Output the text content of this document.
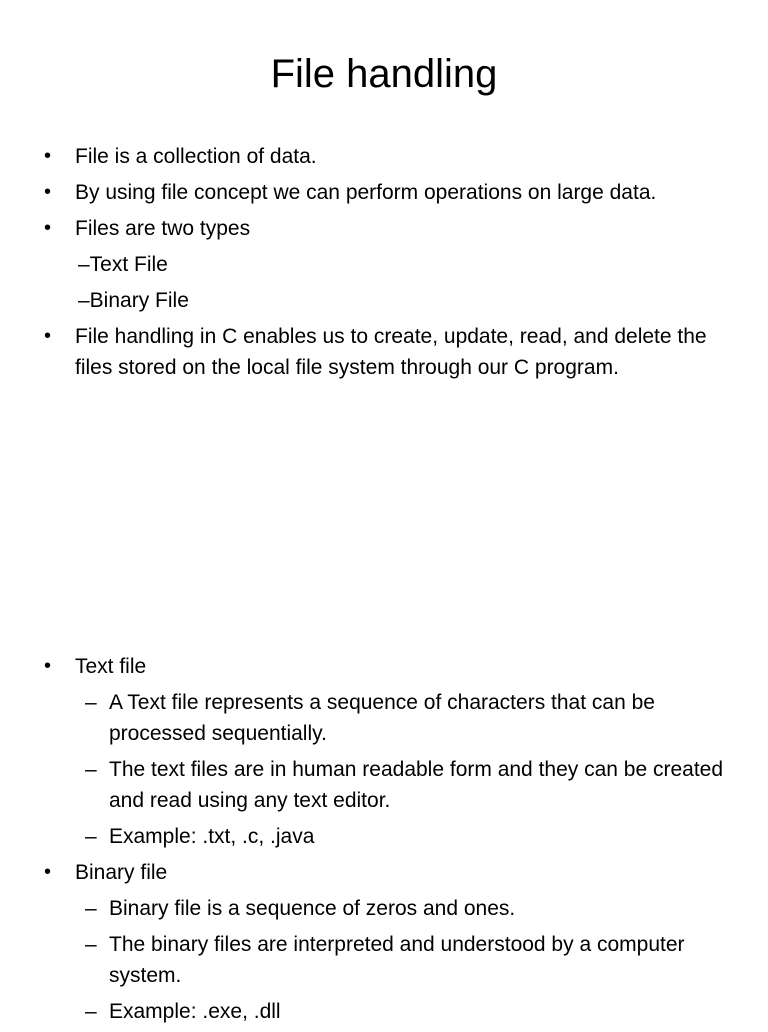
File handling
• File is a collection of data.
• By using file concept we can perform operations on large data.
• Files are two types
–Text File
–Binary File
• File handling in C enables us to create, update, read, and delete the files stored on the local file system through our C program.
• Text file
– A Text file represents a sequence of characters that can be processed sequentially.
– The text files are in human readable form and they can be created and read using any text editor.
– Example: .txt, .c, .java
• Binary file
– Binary file is a sequence of zeros and ones.
– The binary files are interpreted and understood by a computer system.
– Example: .exe, .dll
